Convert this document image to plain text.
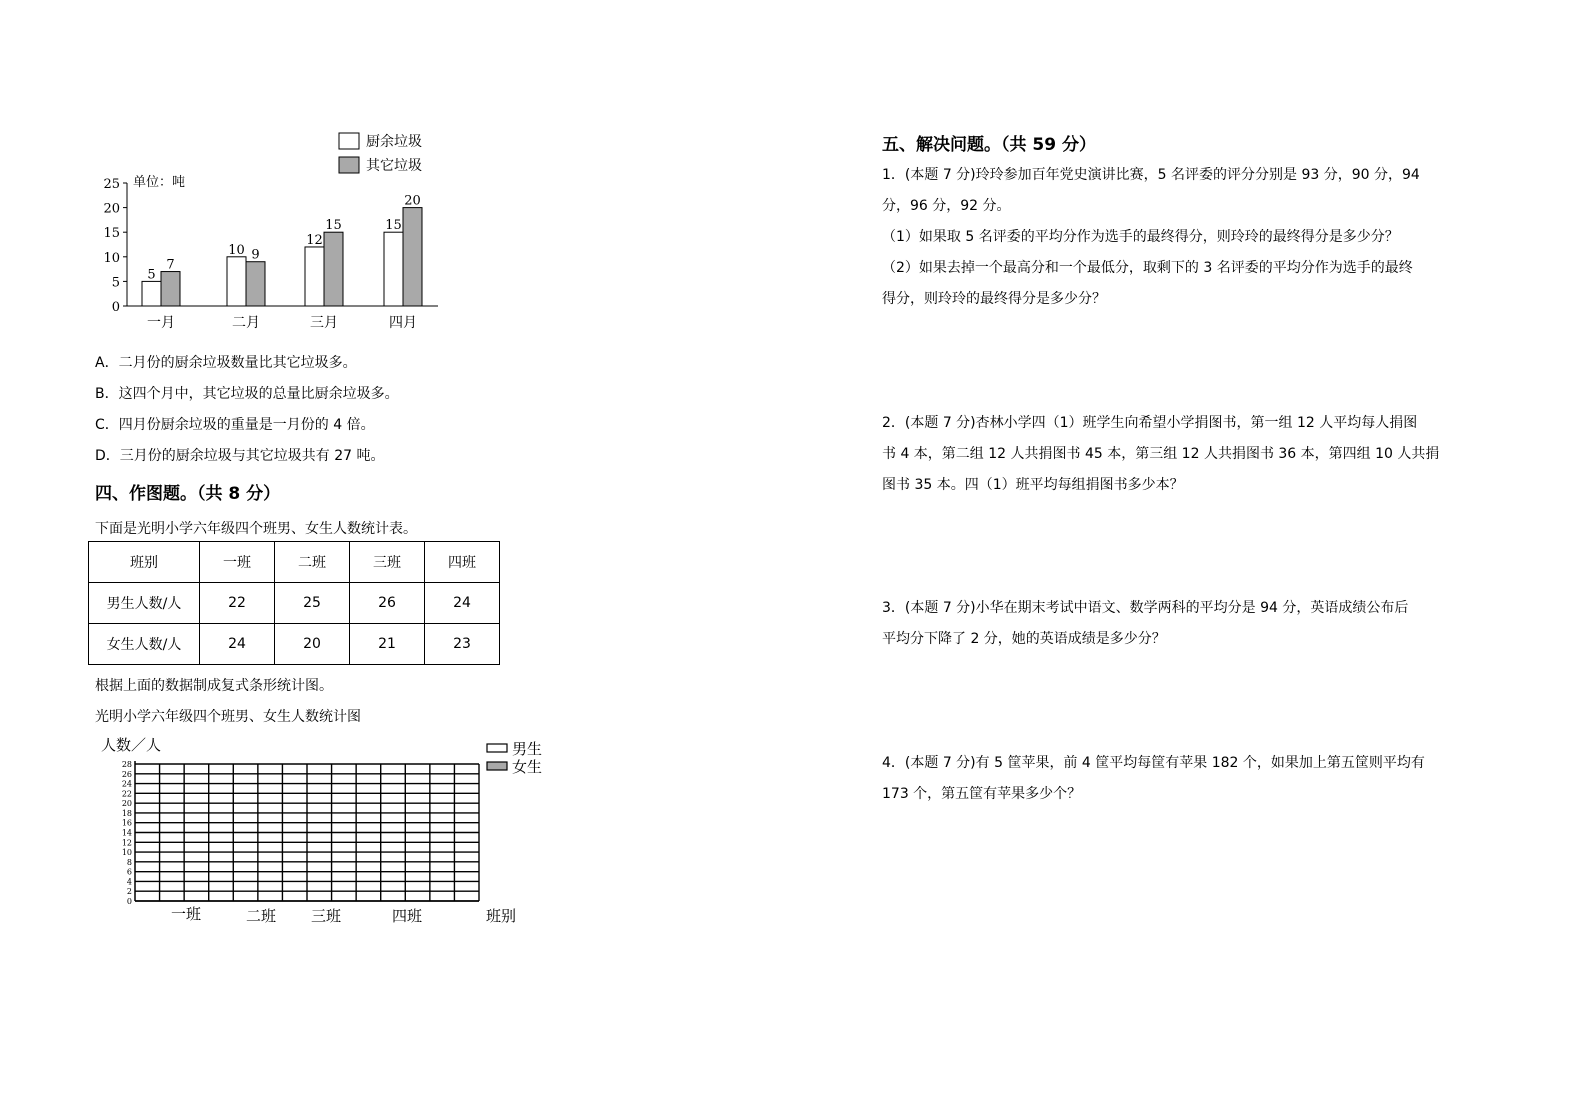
厨余垃圾
其它垃圾
单位：吨
0
5
10
15
20
25
5
7
一月
10 9
二月
12
15
三月
15
20
四月
A．二月份的厨余垃圾数量比其它垃圾多。
B．这四个月中，其它垃圾的总量比厨余垃圾多。
C．四月份厨余垃圾的重量是一月份的 4 倍。
D．三月份的厨余垃圾与其它垃圾共有 27 吨。
四、作图题。（共 8 分）
下面是光明小学六年级四个班男、女生人数统计表。
班别	一班	二班	三班	四班
男生人数/人	22	25	26	24
女生人数/人	24	20	21	23
根据上面的数据制成复式条形统计图。
光明小学六年级四个班男、女生人数统计图
人数／人	男生
女生
0
2
4
6
8
10
12
14
16
18
20
22
24
26
28
一班	二班 三班	四班	班别
五、解决问题。（共 59 分）
1．(本题 7 分)玲玲参加百年党史演讲比赛，5 名评委的评分分别是 93 分，90 分，94
分，96 分，92 分。
（1）如果取 5 名评委的平均分作为选手的最终得分，则玲玲的最终得分是多少分？
（2）如果去掉一个最高分和一个最低分，取剩下的 3 名评委的平均分作为选手的最终
得分，则玲玲的最终得分是多少分？
2．(本题 7 分)杏林小学四（1）班学生向希望小学捐图书，第一组 12 人平均每人捐图
书 4 本，第二组 12 人共捐图书 45 本，第三组 12 人共捐图书 36 本，第四组 10 人共捐
图书 35 本。四（1）班平均每组捐图书多少本？
3．(本题 7 分)小华在期末考试中语文、数学两科的平均分是 94 分，英语成绩公布后
平均分下降了 2 分，她的英语成绩是多少分？
4．(本题 7 分)有 5 筐苹果，前 4 筐平均每筐有苹果 182 个，如果加上第五筐则平均有
173 个，第五筐有苹果多少个？
